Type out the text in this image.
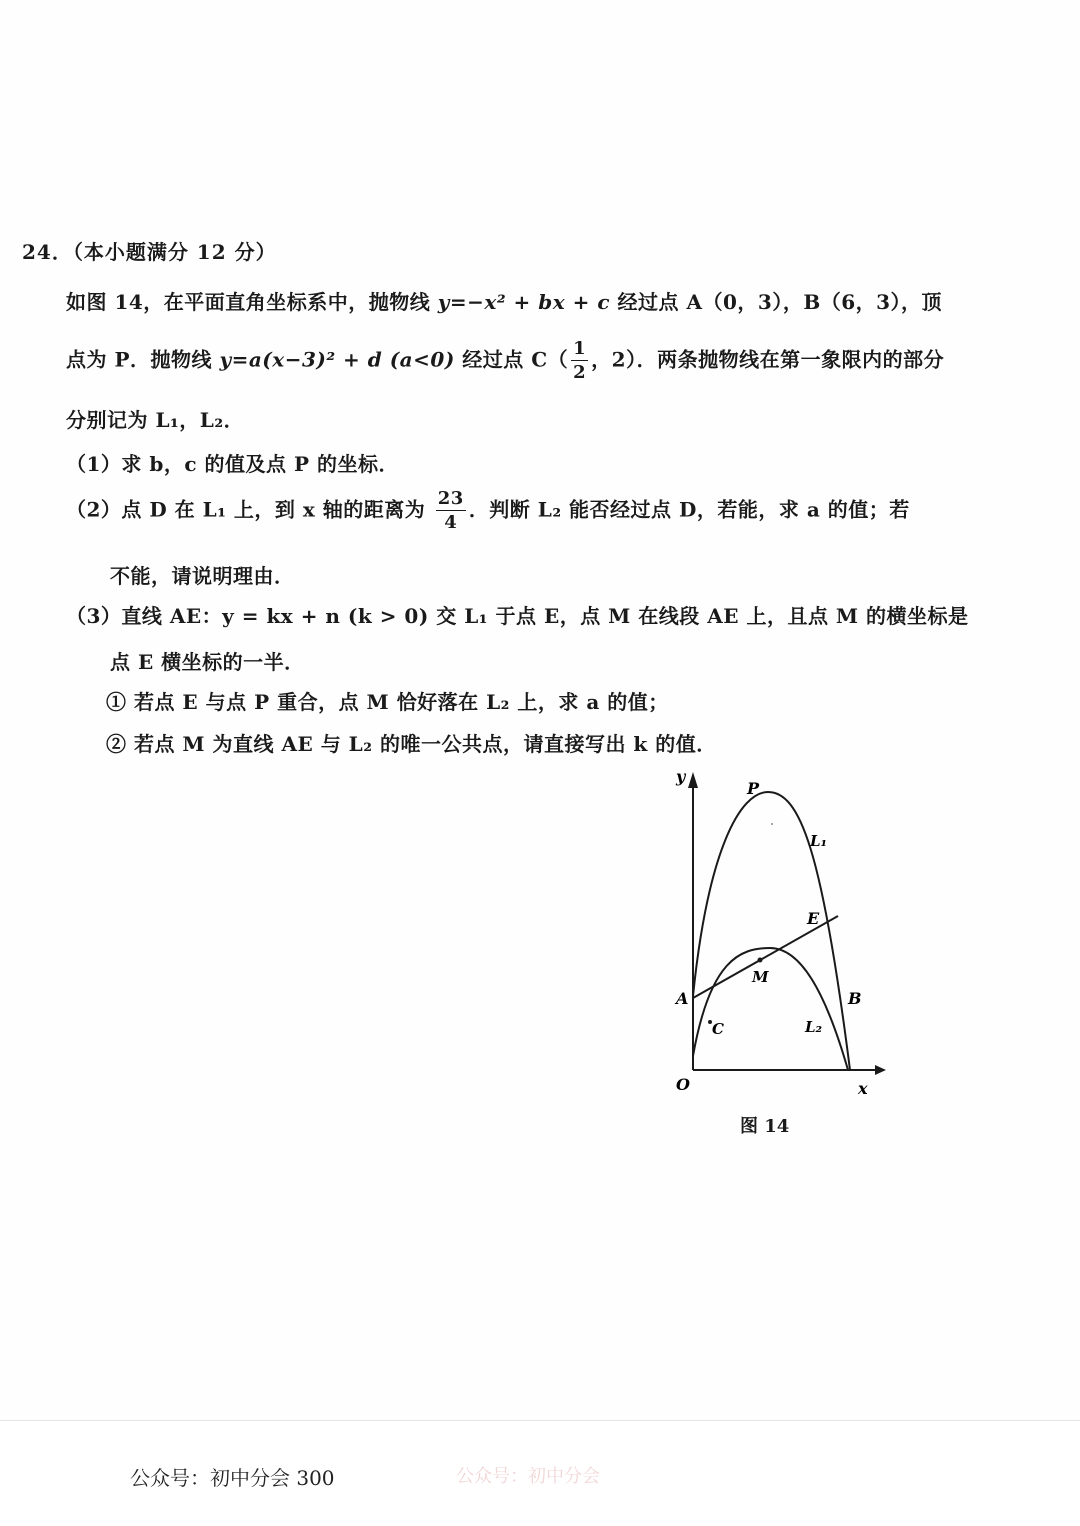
24．（本小题满分 12 分）
如图 14，在平面直角坐标系中，抛物线 y=−x² + bx + c 经过点 A（0，3），B（6，3），顶
点为 P．抛物线 y=a(x−3)² + d (a<0) 经过点 $C( \frac{1}{2}$ ，2）．两条抛物线在第一象限内的部分
分别记为 L₁，L₂．
（1）求 b，c 的值及点 P 的坐标．
（2）点 D 在 L₁ 上，到 x 轴的距离为 $\frac{23}{4}$ ．判断 L₂ 能否经过点 D，若能，求 a 的值；若
不能，请说明理由．
（3）直线 AE：y = kx + n (k > 0) 交 L₁ 于点 E，点 M 在线段 AE 上，且点 M 的横坐标是
点 E 横坐标的一半．
① 若点 E 与点 P 重合，点 M 恰好落在 L₂ 上，求 a 的值；
② 若点 M 为直线 AE 与 L₂ 的唯一公共点，请直接写出 k 的值．
y
x
O
P
L₁
E
M
A	B
C	L₂
图 14
公众号：初中分会 300	公众号：初中分会
